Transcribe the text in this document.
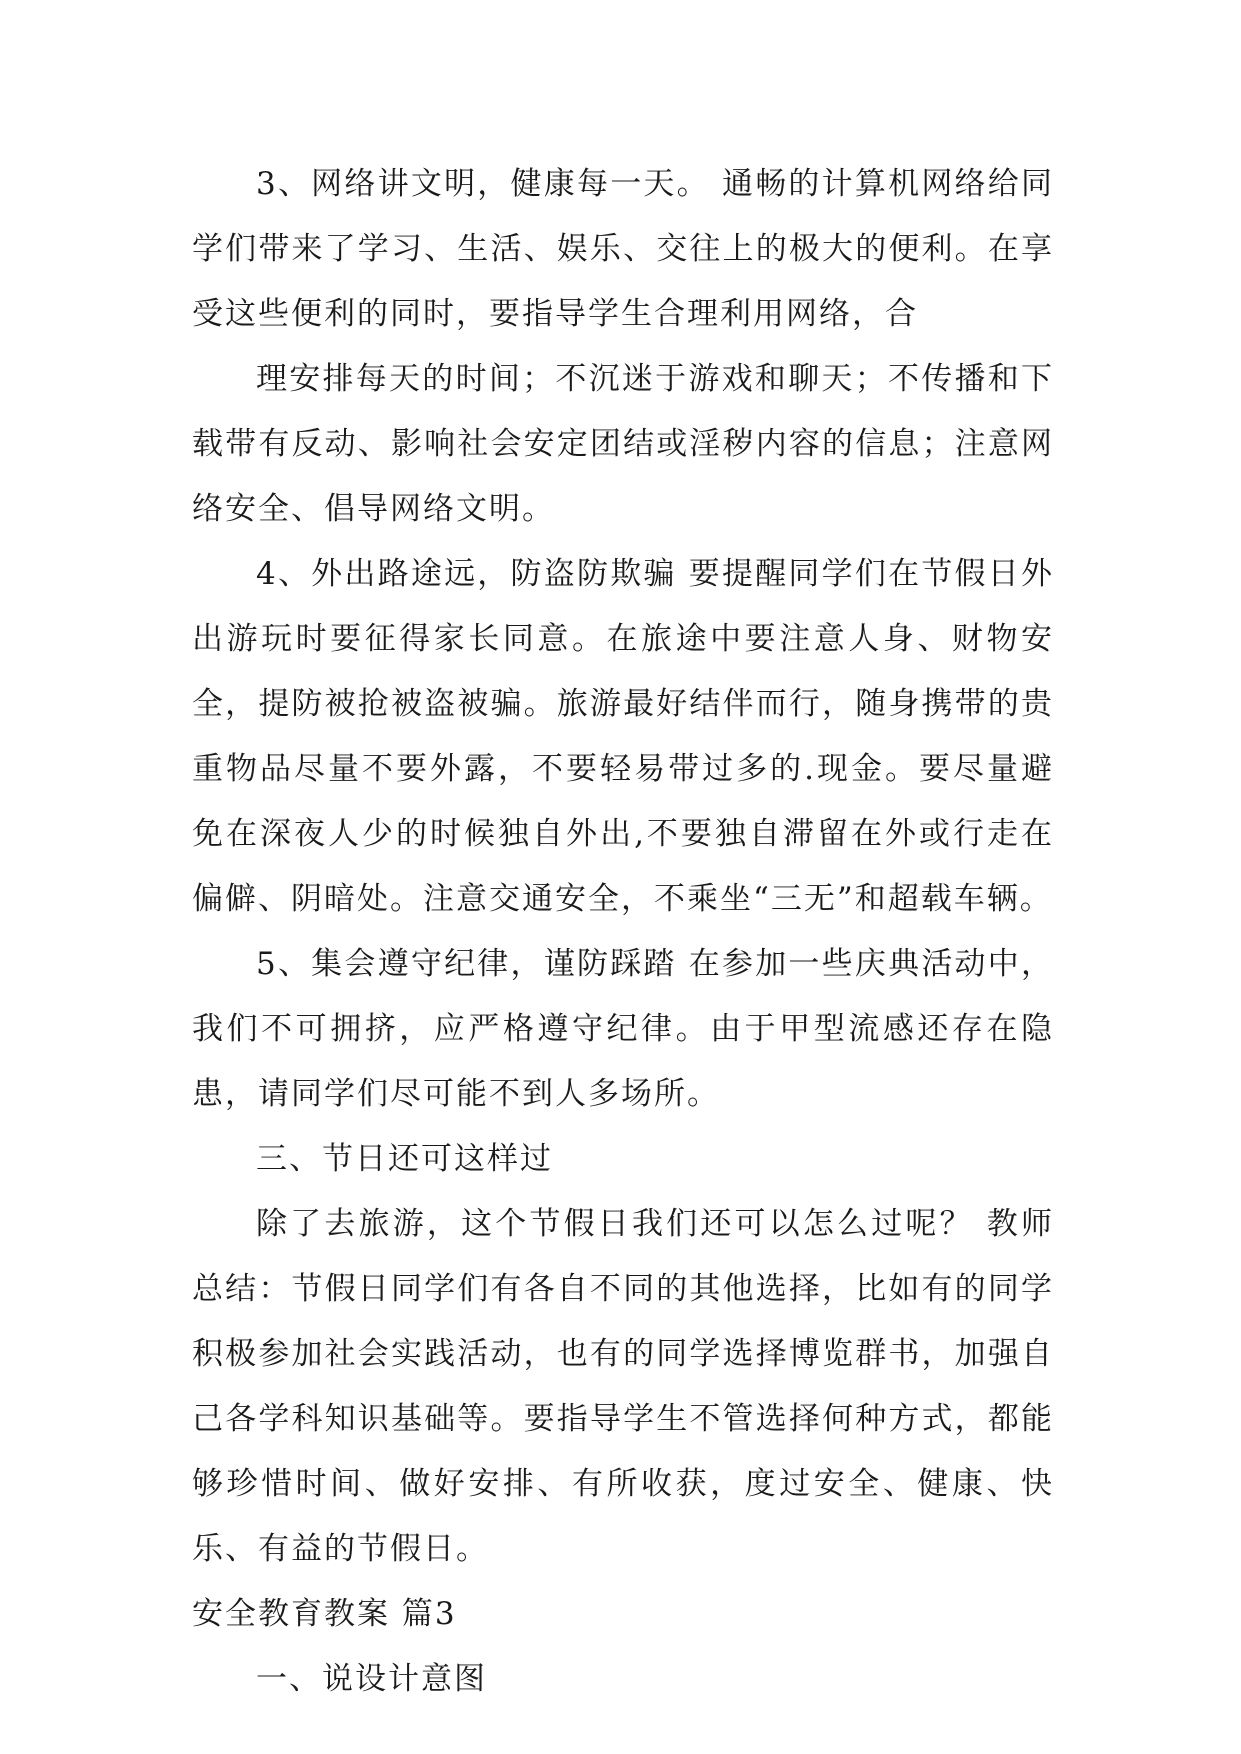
3、网络讲文明，健康每一天。 通畅的计算机网络给同学们带来了学习、生活、娱乐、交往上的极大的便利。在享受这些便利的同时，要指导学生合理利用网络，合

理安排每天的时间；不沉迷于游戏和聊天；不传播和下载带有反动、影响社会安定团结或淫秽内容的信息；注意网络安全、倡导网络文明。

4、外出路途远，防盗防欺骗 要提醒同学们在节假日外出游玩时要征得家长同意。在旅途中要注意人身、财物安全，提防被抢被盗被骗。旅游最好结伴而行，随身携带的贵重物品尽量不要外露，不要轻易带过多的.现金。要尽量避免在深夜人少的时候独自外出,不要独自滞留在外或行走在偏僻、阴暗处。注意交通安全，不乘坐“三无”和超载车辆。

5、集会遵守纪律，谨防踩踏 在参加一些庆典活动中，我们不可拥挤，应严格遵守纪律。由于甲型流感还存在隐患，请同学们尽可能不到人多场所。

三、节日还可这样过

除了去旅游，这个节假日我们还可以怎么过呢？ 教师总结：节假日同学们有各自不同的其他选择，比如有的同学积极参加社会实践活动，也有的同学选择博览群书，加强自己各学科知识基础等。要指导学生不管选择何种方式，都能够珍惜时间、做好安排、有所收获，度过安全、健康、快乐、有益的节假日。

安全教育教案 篇3

一、说设计意图
